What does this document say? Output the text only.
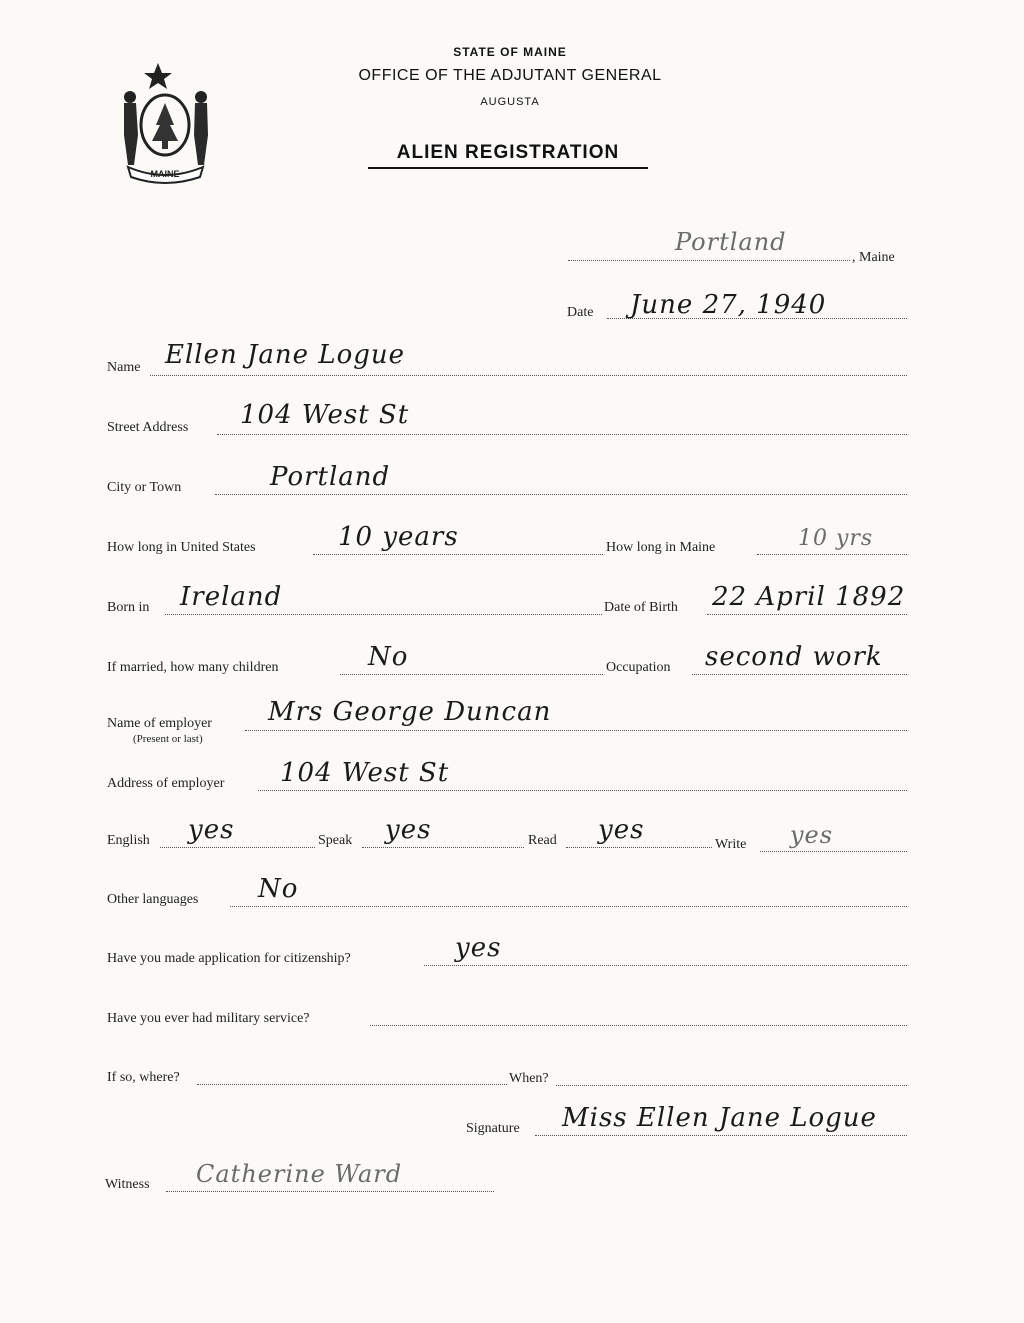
MAINE
STATE OF MAINE
OFFICE OF THE ADJUTANT GENERAL
AUGUSTA
ALIEN REGISTRATION
Portland
, Maine
Date June 27, 1940
Name Ellen Jane Logue
Street Address 104 West St
City or Town	Portland
How long in United States	10 years	How long in Maine	10 yrs
Born in Ireland	Date of Birth 22 April 1892
If married, how many children	No	Occupation second work
Name of employer
(Present or last)
Mrs George Duncan
Address of employer 104 West St
English yes	Speak yes	Read yes	Write yes
Other languages No
Have you made application for citizenship?	yes
Have you ever had military service?
If so, where?	When?
Signature Miss Ellen Jane Logue
Witness Catherine Ward
